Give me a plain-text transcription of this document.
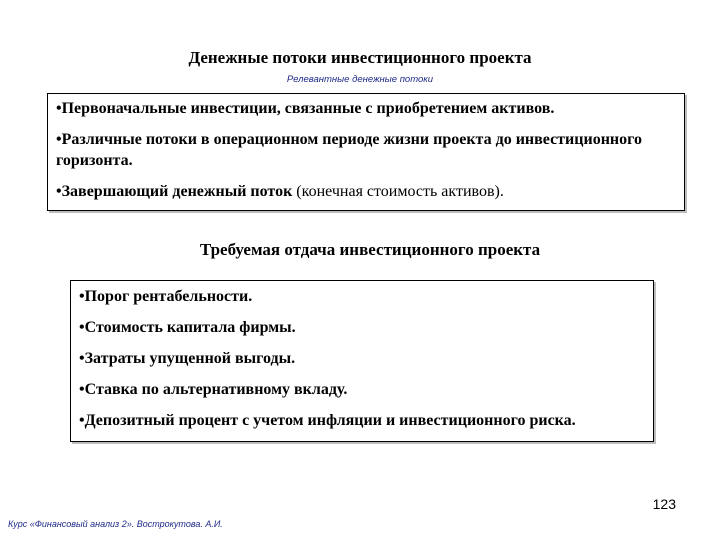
Денежные потоки инвестиционного проекта
Релевантные денежные потоки

•Первоначальные инвестиции, связанные с приобретением активов.

•Различные потоки в операционном периоде жизни проекта до инвестиционного горизонта.

•Завершающий денежный поток (конечная стоимость активов).

Требуемая отдача инвестиционного проекта

•Порог рентабельности.

•Стоимость капитала фирмы.

•Затраты упущенной выгоды.

•Ставка по альтернативному вкладу.

•Депозитный процент с учетом инфляции и инвестиционного риска.

123
Курс «Финансовый анализ 2». Вострокутова. А.И.
